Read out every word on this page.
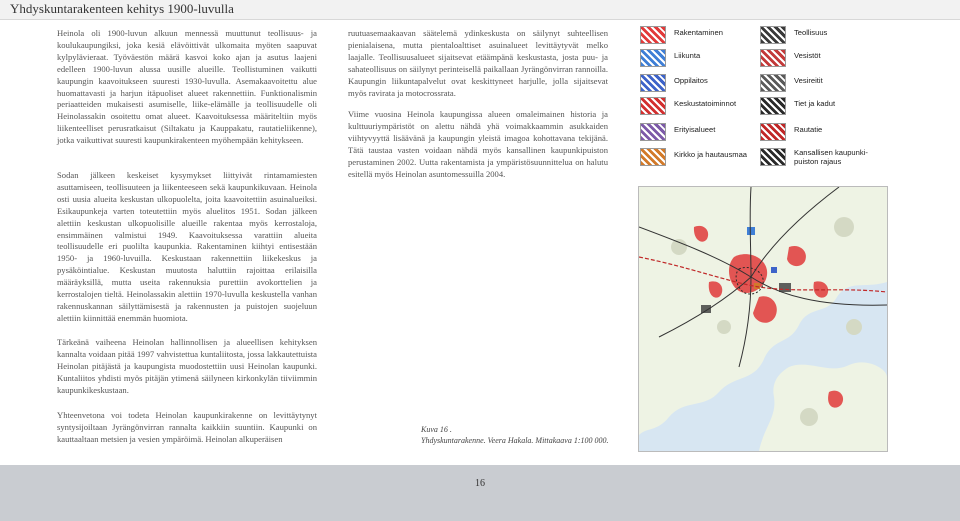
Yhdyskuntarakenteen kehitys 1900-luvulla

Heinola oli 1900-luvun alkuun mennessä muuttunut teollisuus- ja koulukaupungiksi, joka kesiä elävöittivät ulkomaita myöten saapuvat kylpylävieraat. Työväestön määrä kasvoi koko ajan ja asutus laajeni edelleen 1900-luvun alussa uusille alueille. Teollistuminen vaikutti kaupungin kaavoitukseen suuresti 1930-luvulla. Asemakaavoitettu alue huomattavasti ja harjun itäpuoliset alueet rakennettiin. Funktionalismin periaatteiden mukaisesti asumiselle, liike-elämälle ja teollisuudelle oli Heinolassakin osoitettu omat alueet. Kaavoituksessa määriteltiin myös liikenteelliset perusratkaisut (Siltakatu ja Kauppakatu, rautatieliikenne), jotka vaikuttivat suuresti kaupunkirakenteen myöhempään kehitykseen.

Sodan jälkeen keskeiset kysymykset liittyivät rintamamiesten asuttamiseen, teollisuuteen ja liikenteeseen sekä kaupunkikuvaan. Heinola osti uusia alueita keskustan ulkopuolelta, joita kaavoitettiin asuinalueiksi. Esikaupunkeja varten toteutettiin myös aluelitos 1951. Sodan jälkeen alettiin keskustan ulkopuolisille alueille rakentaa myös kerrostaloja, ensimmäinen valmistui 1949. Kaavoituksessa varattiin alueita teollisuudelle eri puolilta kaupunkia. Rakentaminen kiihtyi entisestään 1950- ja 1960-luvuilla. Keskustaan rakennettiin liikekeskus ja pysäköintialue. Keskustan muutosta haluttiin rajoittaa erilaisilla määräyksillä, mutta useita rakennuksia purettiin avokorttelien ja kerrostalojen tieltä. Heinolassakin alettiin 1970-luvulla keskustella vanhan rakennuskannan säilyttämisestä ja rakennusten ja puistojen suojeluun alettiin kiinnittää enemmän huomiota.

Tärkeänä vaiheena Heinolan hallinnollisen ja alueellisen kehityksen kannalta voidaan pitää 1997 vahvistettua kuntaliitosta, jossa lakkautettuista Heinolan pitäjästä ja kaupungista muodostettiin uusi Heinolan kaupunki. Kuntaliitos yhdisti myös pitäjän ytimenä säilyneen kirkonkylän tiiviimmin kaupunkikeskustaan.

Yhteenvetona voi todeta Heinolan kaupunkirakenne on levittäytynyt syntysijoiltaan Jyrängönvirran rannalta kaikkiin suuntiin. Kaupunki on kauttaaltaan metsien ja vesien ympäröimä. Heinolan alkuperäisen

ruutuasemaakaavan säätelemä ydinkeskusta on säilynyt suhteellisen pienialaisena, mutta pientaloalttiset asuinalueet levittäytyvät melko laajalle. Teollisuusalueet sijaitsevat etäämpänä keskustasta, josta puu- ja sahateollisuus on säilynyt perinteisellä paikallaan Jyrängönvirran rannoilla. Kaupungin liikuntapalvelut ovat keskittyneet harjulle, jolla sijaitsevat myös ravirata ja motocrossrata.

Viime vuosina Heinola kaupungissa alueen omaleimainen historia ja kulttuuriympäristöt on alettu nähdä yhä voimakkaammin asukkaiden viihtyvyyttä lisäävänä ja kaupungin yleistä imagoa kohottavana tekijänä. Tätä taustaa vasten voidaan nähdä myös kansallinen kaupunkipuiston perustaminen 2002. Uutta rakentamista ja ympäristösuunnittelua on halutu esitellä myös Heinolan asuntomessuilla 2004.

Rakentaminen	Teollisuus
Liikunta	Vesistöt
Oppilaitos	Vesireitit
Keskustatoiminnot	Tiet ja kadut
Erityisalueet	Rautatie
Kirkko ja hautausmaa	Kansallisen kaupunki-
puiston rajaus
Kuva 16 .
Yhdyskuntarakenne. Veera Hakala. Mittakaava 1:100 000.
16
